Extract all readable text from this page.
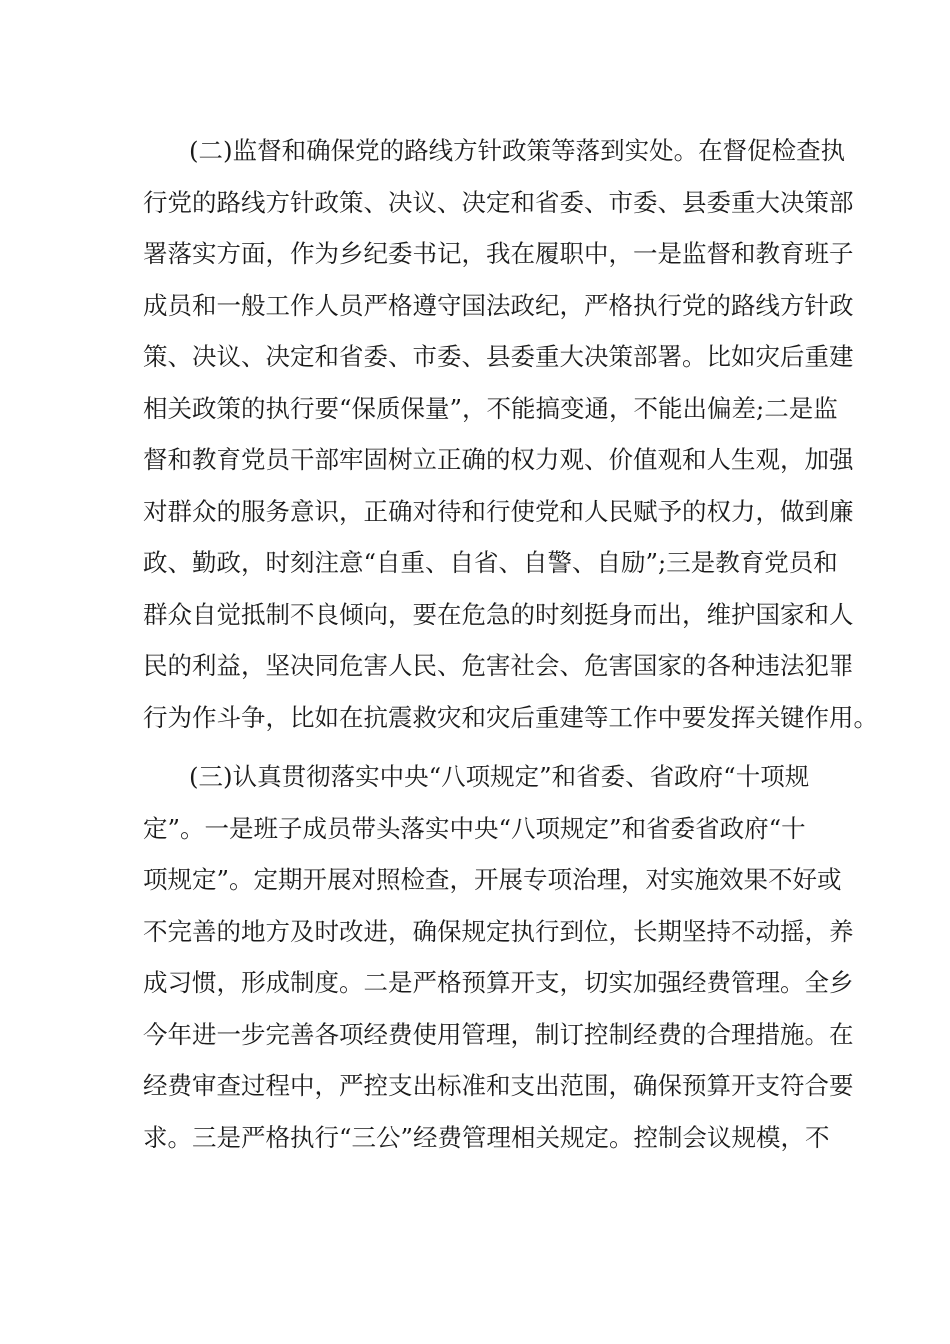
(二)监督和确保党的路线方针政策等落到实处。在督促检查执
行党的路线方针政策、决议、决定和省委、市委、县委重大决策部
署落实方面，作为乡纪委书记，我在履职中，一是监督和教育班子
成员和一般工作人员严格遵守国法政纪，严格执行党的路线方针政
策、决议、决定和省委、市委、县委重大决策部署。比如灾后重建
相关政策的执行要“保质保量”，不能搞变通，不能出偏差;二是监
督和教育党员干部牢固树立正确的权力观、价值观和人生观，加强
对群众的服务意识，正确对待和行使党和人民赋予的权力，做到廉
政、勤政，时刻注意“自重、自省、自警、自励”;三是教育党员和
群众自觉抵制不良倾向，要在危急的时刻挺身而出，维护国家和人
民的利益，坚决同危害人民、危害社会、危害国家的各种违法犯罪
行为作斗争，比如在抗震救灾和灾后重建等工作中要发挥关键作用。
(三)认真贯彻落实中央“八项规定”和省委、省政府“十项规
定”。一是班子成员带头落实中央“八项规定”和省委省政府“十
项规定”。定期开展对照检查，开展专项治理，对实施效果不好或
不完善的地方及时改进，确保规定执行到位，长期坚持不动摇，养
成习惯，形成制度。二是严格预算开支，切实加强经费管理。全乡
今年进一步完善各项经费使用管理，制订控制经费的合理措施。在
经费审查过程中，严控支出标准和支出范围，确保预算开支符合要
求。三是严格执行“三公”经费管理相关规定。控制会议规模，不
